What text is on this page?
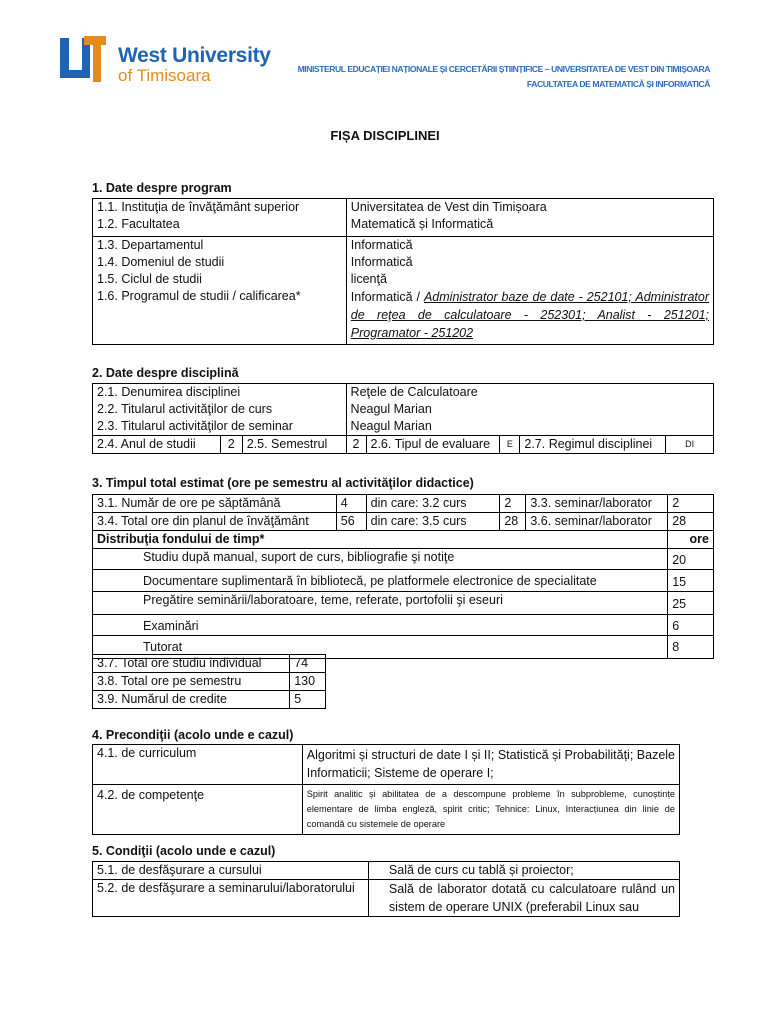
West University
of Timisoara	MINISTERUL EDUCAȚIEI NAȚIONALE ȘI CERCETĂRII ȘTIINȚIFICE – UNIVERSITATEA DE VEST DIN TIMIȘOARA
FACULTATEA DE MATEMATICĂ ȘI INFORMATICĂ
FIȘA DISCIPLINEI
1. Date despre program
1.1. Instituţia de învăţământ superior	Universitatea de Vest din Timișoara
1.2. Facultatea	Matematică și Informatică
1.3. Departamentul	Informatică
1.4. Domeniul de studii	Informatică
1.5. Ciclul de studii	licenţă
1.6. Programul de studii / calificarea*	Informatică / Administrator baze de date - 252101; Administrator de reţea de calculatoare - 252301; Analist - 251201; Programator - 251202
2. Date despre disciplină
2.1. Denumirea disciplinei			Reţele de Calculatoare				
2.2. Titularul activităţilor de curs			Neagul Marian				
2.3. Titularul activităţilor de seminar			Neagul Marian				
2.4. Anul de studii	2	2.5. Semestrul	2	2.6. Tipul de evaluare	E	2.7. Regimul disciplinei	DI
3. Timpul total estimat (ore pe semestru al activităţilor didactice)
3.1. Număr de ore pe săptămână	4	din care: 3.2 curs	2	3.3. seminar/laborator	2
3.4. Total ore din planul de învăţământ	56	din care: 3.5 curs	28	3.6. seminar/laborator	28
Distribuţia fondului de timp*					ore
Studiu după manual, suport de curs, bibliografie şi notiţe					20
Documentare suplimentară în bibliotecă, pe platformele electronice de specialitate					15
Pregătire seminării/laboratoare, teme, referate, portofolii şi eseuri					25
Examinări					6
Tutorat					8
3.7. Total ore studiu individual	74
3.8. Total ore pe semestru	130
3.9. Numărul de credite	5
4. Precondiţii (acolo unde e cazul)
4.1. de curriculum	Algoritmi și structuri de date I și II; Statistică și Probabilități; Bazele Informaticii; Sisteme de operare I;
4.2. de competenţe	Spirit analitic și abilitatea de a descompune probleme în subprobleme, cunoștințe elementare de limba engleză, spirit critic; Tehnice: Linux, Interacțiunea din linie de comandă cu sistemele de operare
5. Condiţii (acolo unde e cazul)
5.1. de desfăşurare a cursului	Sală de curs cu tablă și proiector;
5.2. de desfăşurare a seminarului/laboratorului	Sală de laborator dotată cu calculatoare rulând un sistem de operare UNIX (preferabil Linux sau
